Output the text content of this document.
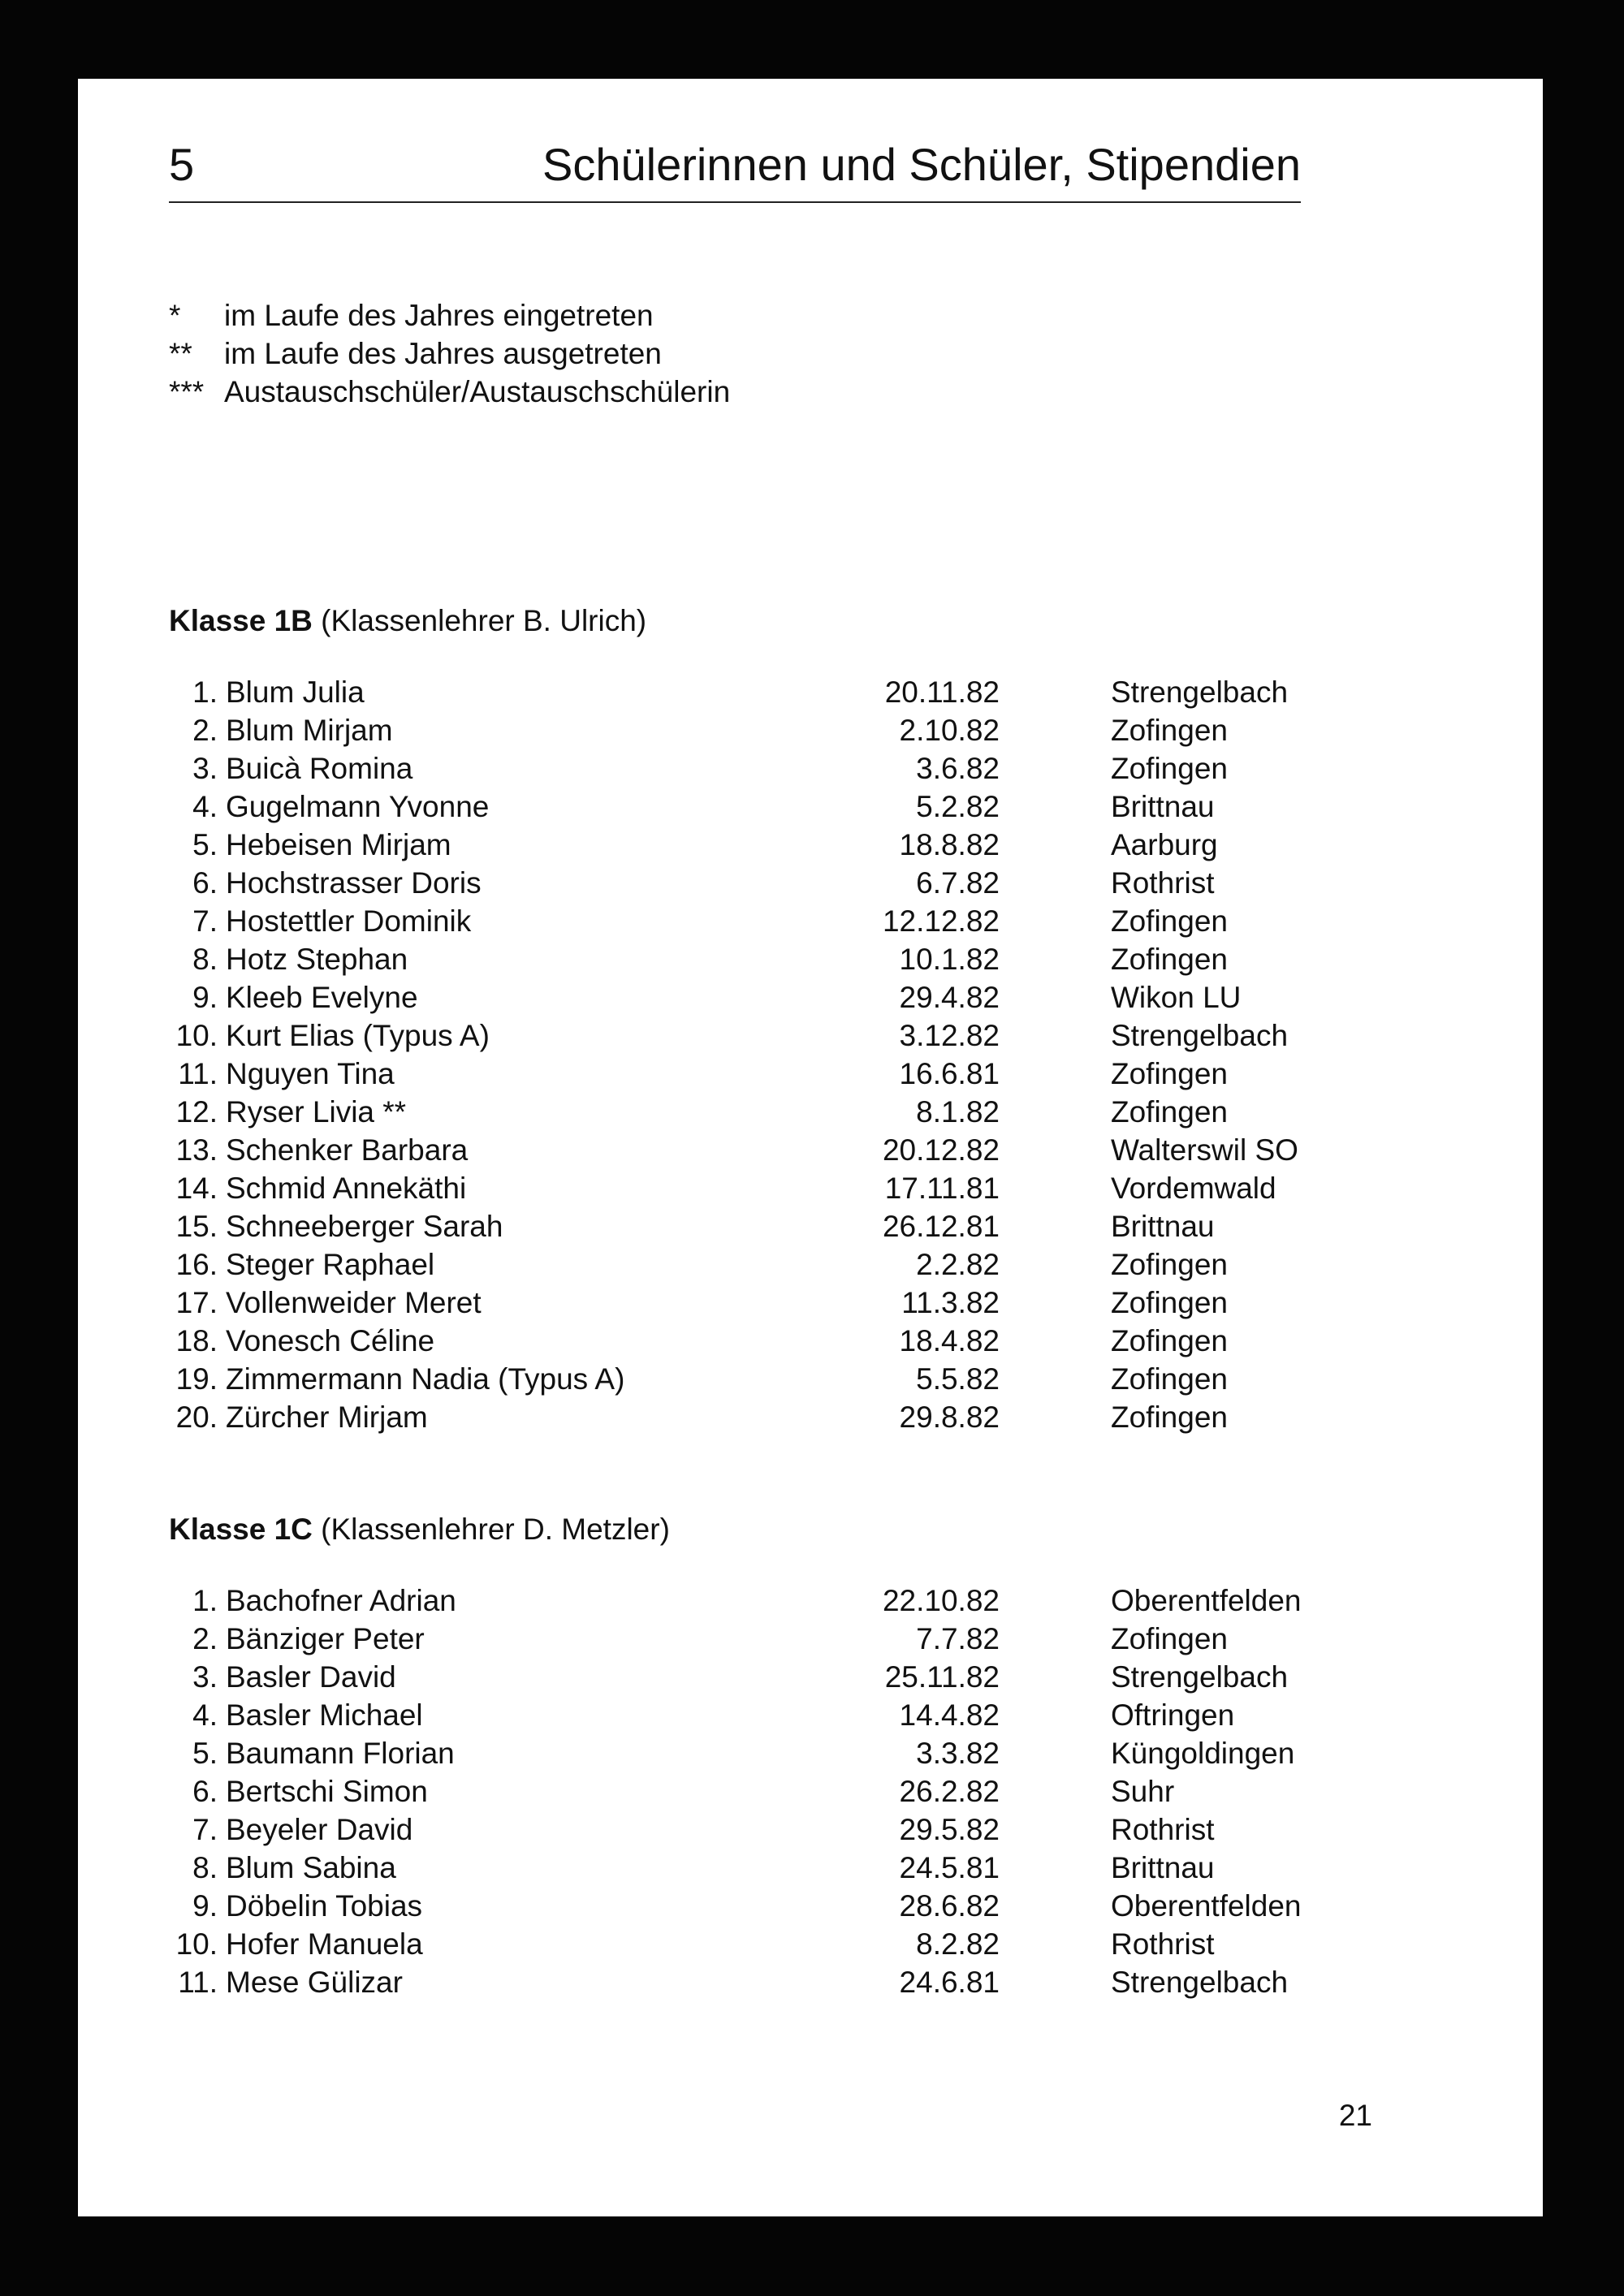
5	Schülerinnen und Schüler, Stipendien
*	im Laufe des Jahres eingetreten
**	im Laufe des Jahres ausgetreten
*** Austauschschüler/Austauschschülerin
Klasse 1B (Klassenlehrer B. Ulrich)
1. Blum Julia	20.11.82	Strengelbach
2. Blum Mirjam	2.10.82	Zofingen
3. Buicà Romina	3.6.82	Zofingen
4. Gugelmann Yvonne	5.2.82	Brittnau
5. Hebeisen Mirjam	18.8.82	Aarburg
6. Hochstrasser Doris	6.7.82	Rothrist
7. Hostettler Dominik	12.12.82	Zofingen
8. Hotz Stephan	10.1.82	Zofingen
9. Kleeb Evelyne	29.4.82	Wikon LU
10. Kurt Elias (Typus A)	3.12.82	Strengelbach
11. Nguyen Tina	16.6.81	Zofingen
12. Ryser Livia **	8.1.82	Zofingen
13. Schenker Barbara	20.12.82	Walterswil SO
14. Schmid Annekäthi	17.11.81	Vordemwald
15. Schneeberger Sarah	26.12.81	Brittnau
16. Steger Raphael	2.2.82	Zofingen
17. Vollenweider Meret	11.3.82	Zofingen
18. Vonesch Céline	18.4.82	Zofingen
19. Zimmermann Nadia (Typus A)	5.5.82	Zofingen
20. Zürcher Mirjam	29.8.82	Zofingen
Klasse 1C (Klassenlehrer D. Metzler)
1. Bachofner Adrian	22.10.82	Oberentfelden
2. Bänziger Peter	7.7.82	Zofingen
3. Basler David	25.11.82	Strengelbach
4. Basler Michael	14.4.82	Oftringen
5. Baumann Florian	3.3.82	Küngoldingen
6. Bertschi Simon	26.2.82	Suhr
7. Beyeler David	29.5.82	Rothrist
8. Blum Sabina	24.5.81	Brittnau
9. Döbelin Tobias	28.6.82	Oberentfelden
10. Hofer Manuela	8.2.82	Rothrist
11. Mese Gülizar	24.6.81	Strengelbach
21
